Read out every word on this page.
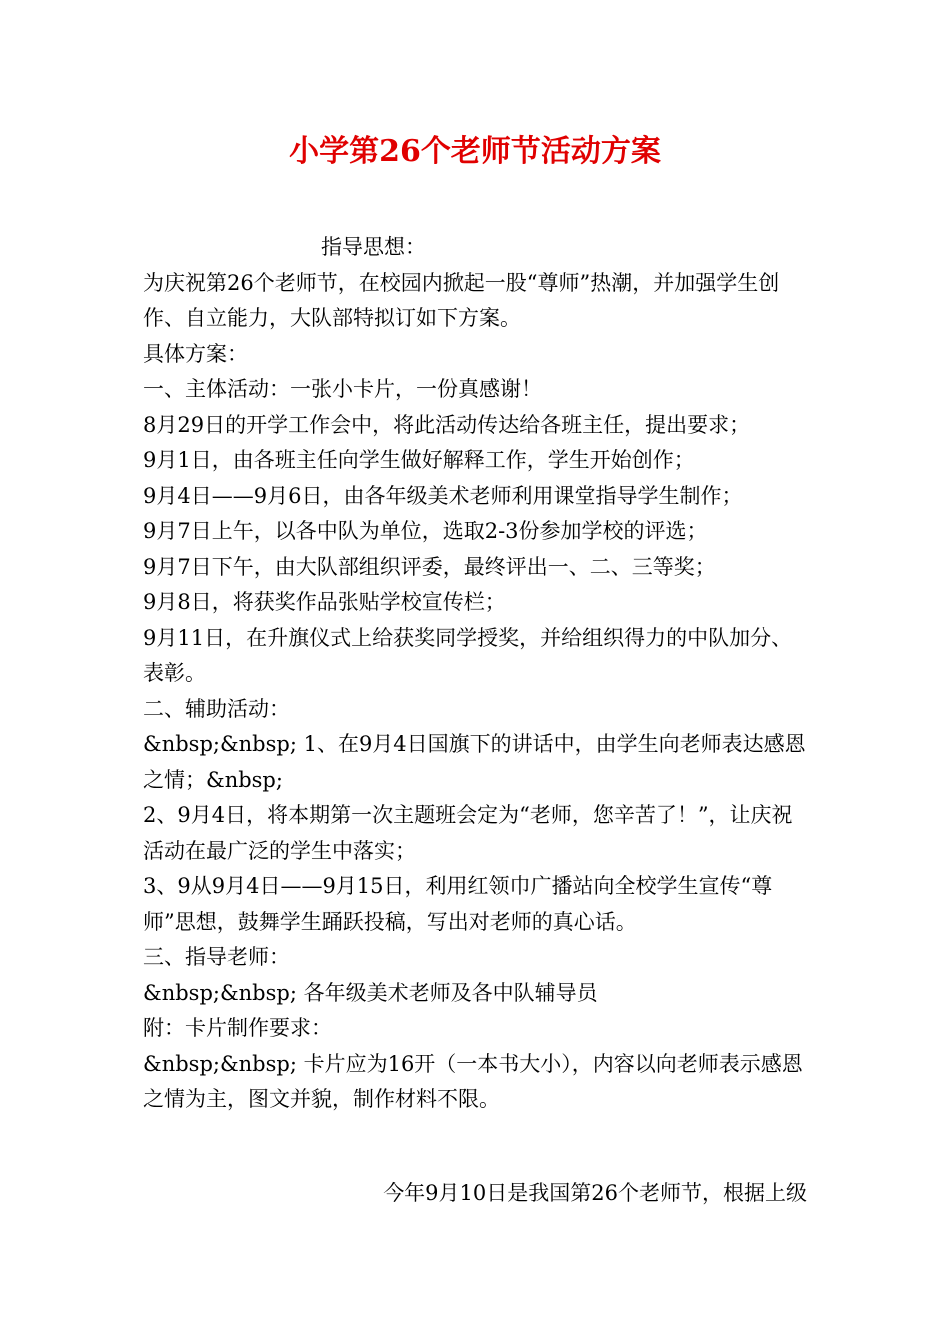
小学第26个老师节活动方案

指导思想：

为庆祝第26个老师节，在校园内掀起一股“尊师”热潮，并加强学生创作、自立能力，大队部特拟订如下方案。

具体方案：

一、主体活动：一张小卡片，一份真感谢！

8月29日的开学工作会中，将此活动传达给各班主任，提出要求；

9月1日，由各班主任向学生做好解释工作，学生开始创作；

9月4日——9月6日，由各年级美术老师利用课堂指导学生制作；

9月7日上午，以各中队为单位，选取2-3份参加学校的评选；

9月7日下午，由大队部组织评委，最终评出一、二、三等奖；

9月8日，将获奖作品张贴学校宣传栏；

9月11日，在升旗仪式上给获奖同学授奖，并给组织得力的中队加分、表彰。

二、辅助活动：

&nbsp;&nbsp; 1、在9月4日国旗下的讲话中，由学生向老师表达感恩之情；&nbsp;

2、9月4日，将本期第一次主题班会定为“老师，您辛苦了！”，让庆祝活动在最广泛的学生中落实；

3、9从9月4日——9月15日，利用红领巾广播站向全校学生宣传“尊师”思想，鼓舞学生踊跃投稿，写出对老师的真心话。

三、指导老师：

&nbsp;&nbsp; 各年级美术老师及各中队辅导员

附：卡片制作要求：

&nbsp;&nbsp; 卡片应为16开（一本书大小），内容以向老师表示感恩之情为主，图文并貌，制作材料不限。

今年9月10日是我国第26个老师节，根据上级
